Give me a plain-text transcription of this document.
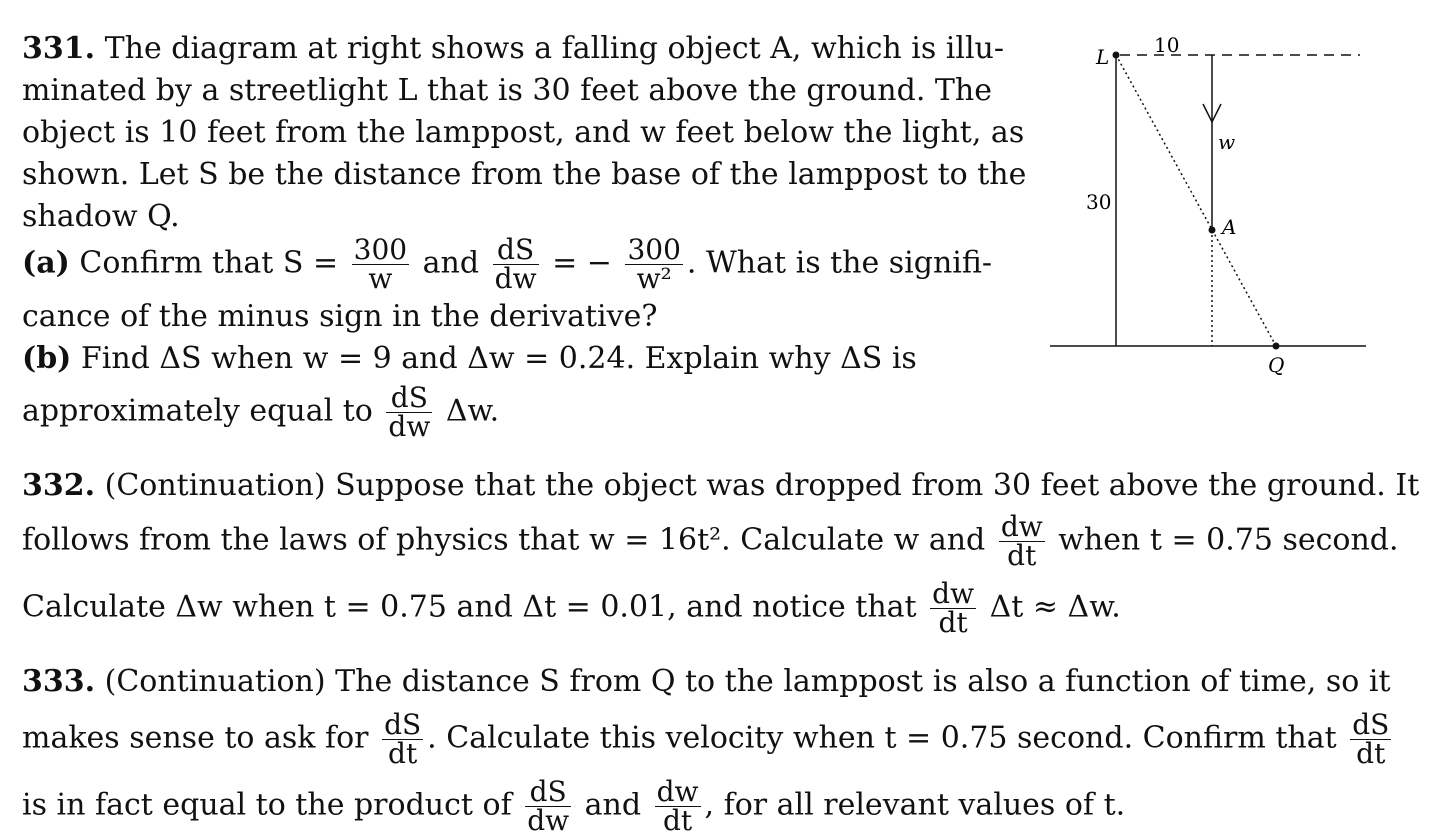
331. The diagram at right shows a falling object A, which is illu-
minated by a streetlight L that is 30 feet above the ground. The
object is 10 feet from the lamppost, and w feet below the light, as
shown. Let S be the distance from the base of the lamppost to the
shadow Q.
(a) Confirm that $S = \frac{300}{w}$ and $\frac{dS}{dw}$ = − $\frac{300}{\text{w²}}$ . What is the signifi-
cance of the minus sign in the derivative?
(b) Find ΔS when w = 9 and Δw = 0.24. Explain why ΔS is
approximately equal to $\frac{dS}{dw} \Delta w$.
332. (Continuation) Suppose that the object was dropped from 30 feet above the ground. It
follows from the laws of physics that w = 16t². Calculate w and $\frac{dw}{dt}$ when t = 0.75 second.
Calculate Δw when t = 0.75 and Δt = 0.01, and notice that $\frac{dw}{dt}$ Δt ≈ Δw.
333. (Continuation) The distance S from Q to the lamppost is also a function of time, so it
makes sense to ask for $\frac{dS}{dt}$ . Calculate this velocity when t = 0.75 second. Confirm that $\frac{dS}{dt}$
is in fact equal to the product of $\frac{dS}{dw}$ and $\frac{dw}{dt}$ , for all relevant values of t.
L 10
w
30
A
Q
